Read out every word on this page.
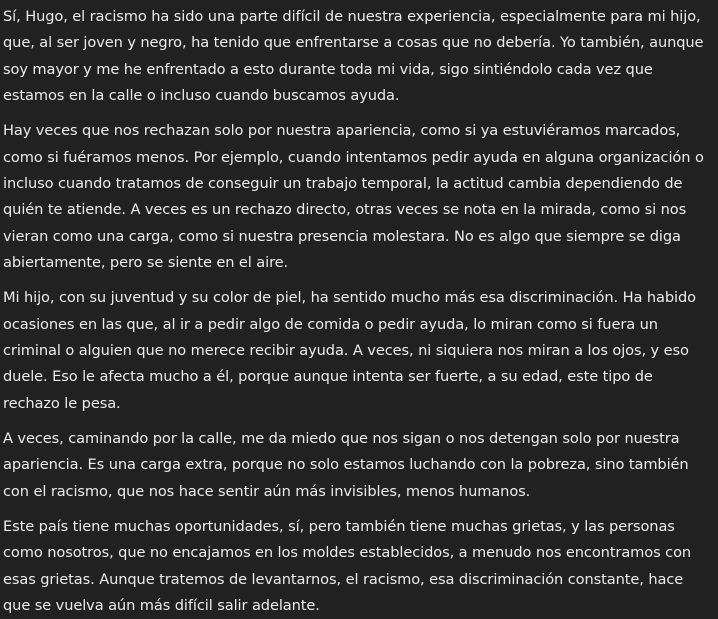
Sí, Hugo, el racismo ha sido una parte difícil de nuestra experiencia, especialmente para mi hijo, que, al ser joven y negro, ha tenido que enfrentarse a cosas que no debería. Yo también, aunque soy mayor y me he enfrentado a esto durante toda mi vida, sigo sintiéndolo cada vez que estamos en la calle o incluso cuando buscamos ayuda.

Hay veces que nos rechazan solo por nuestra apariencia, como si ya estuviéramos marcados, como si fuéramos menos. Por ejemplo, cuando intentamos pedir ayuda en alguna organización o incluso cuando tratamos de conseguir un trabajo temporal, la actitud cambia dependiendo de quién te atiende. A veces es un rechazo directo, otras veces se nota en la mirada, como si nos vieran como una carga, como si nuestra presencia molestara. No es algo que siempre se diga abiertamente, pero se siente en el aire.

Mi hijo, con su juventud y su color de piel, ha sentido mucho más esa discriminación. Ha habido ocasiones en las que, al ir a pedir algo de comida o pedir ayuda, lo miran como si fuera un criminal o alguien que no merece recibir ayuda. A veces, ni siquiera nos miran a los ojos, y eso duele. Eso le afecta mucho a él, porque aunque intenta ser fuerte, a su edad, este tipo de rechazo le pesa.

A veces, caminando por la calle, me da miedo que nos sigan o nos detengan solo por nuestra apariencia. Es una carga extra, porque no solo estamos luchando con la pobreza, sino también con el racismo, que nos hace sentir aún más invisibles, menos humanos.

Este país tiene muchas oportunidades, sí, pero también tiene muchas grietas, y las personas como nosotros, que no encajamos en los moldes establecidos, a menudo nos encontramos con esas grietas. Aunque tratemos de levantarnos, el racismo, esa discriminación constante, hace que se vuelva aún más difícil salir adelante.
